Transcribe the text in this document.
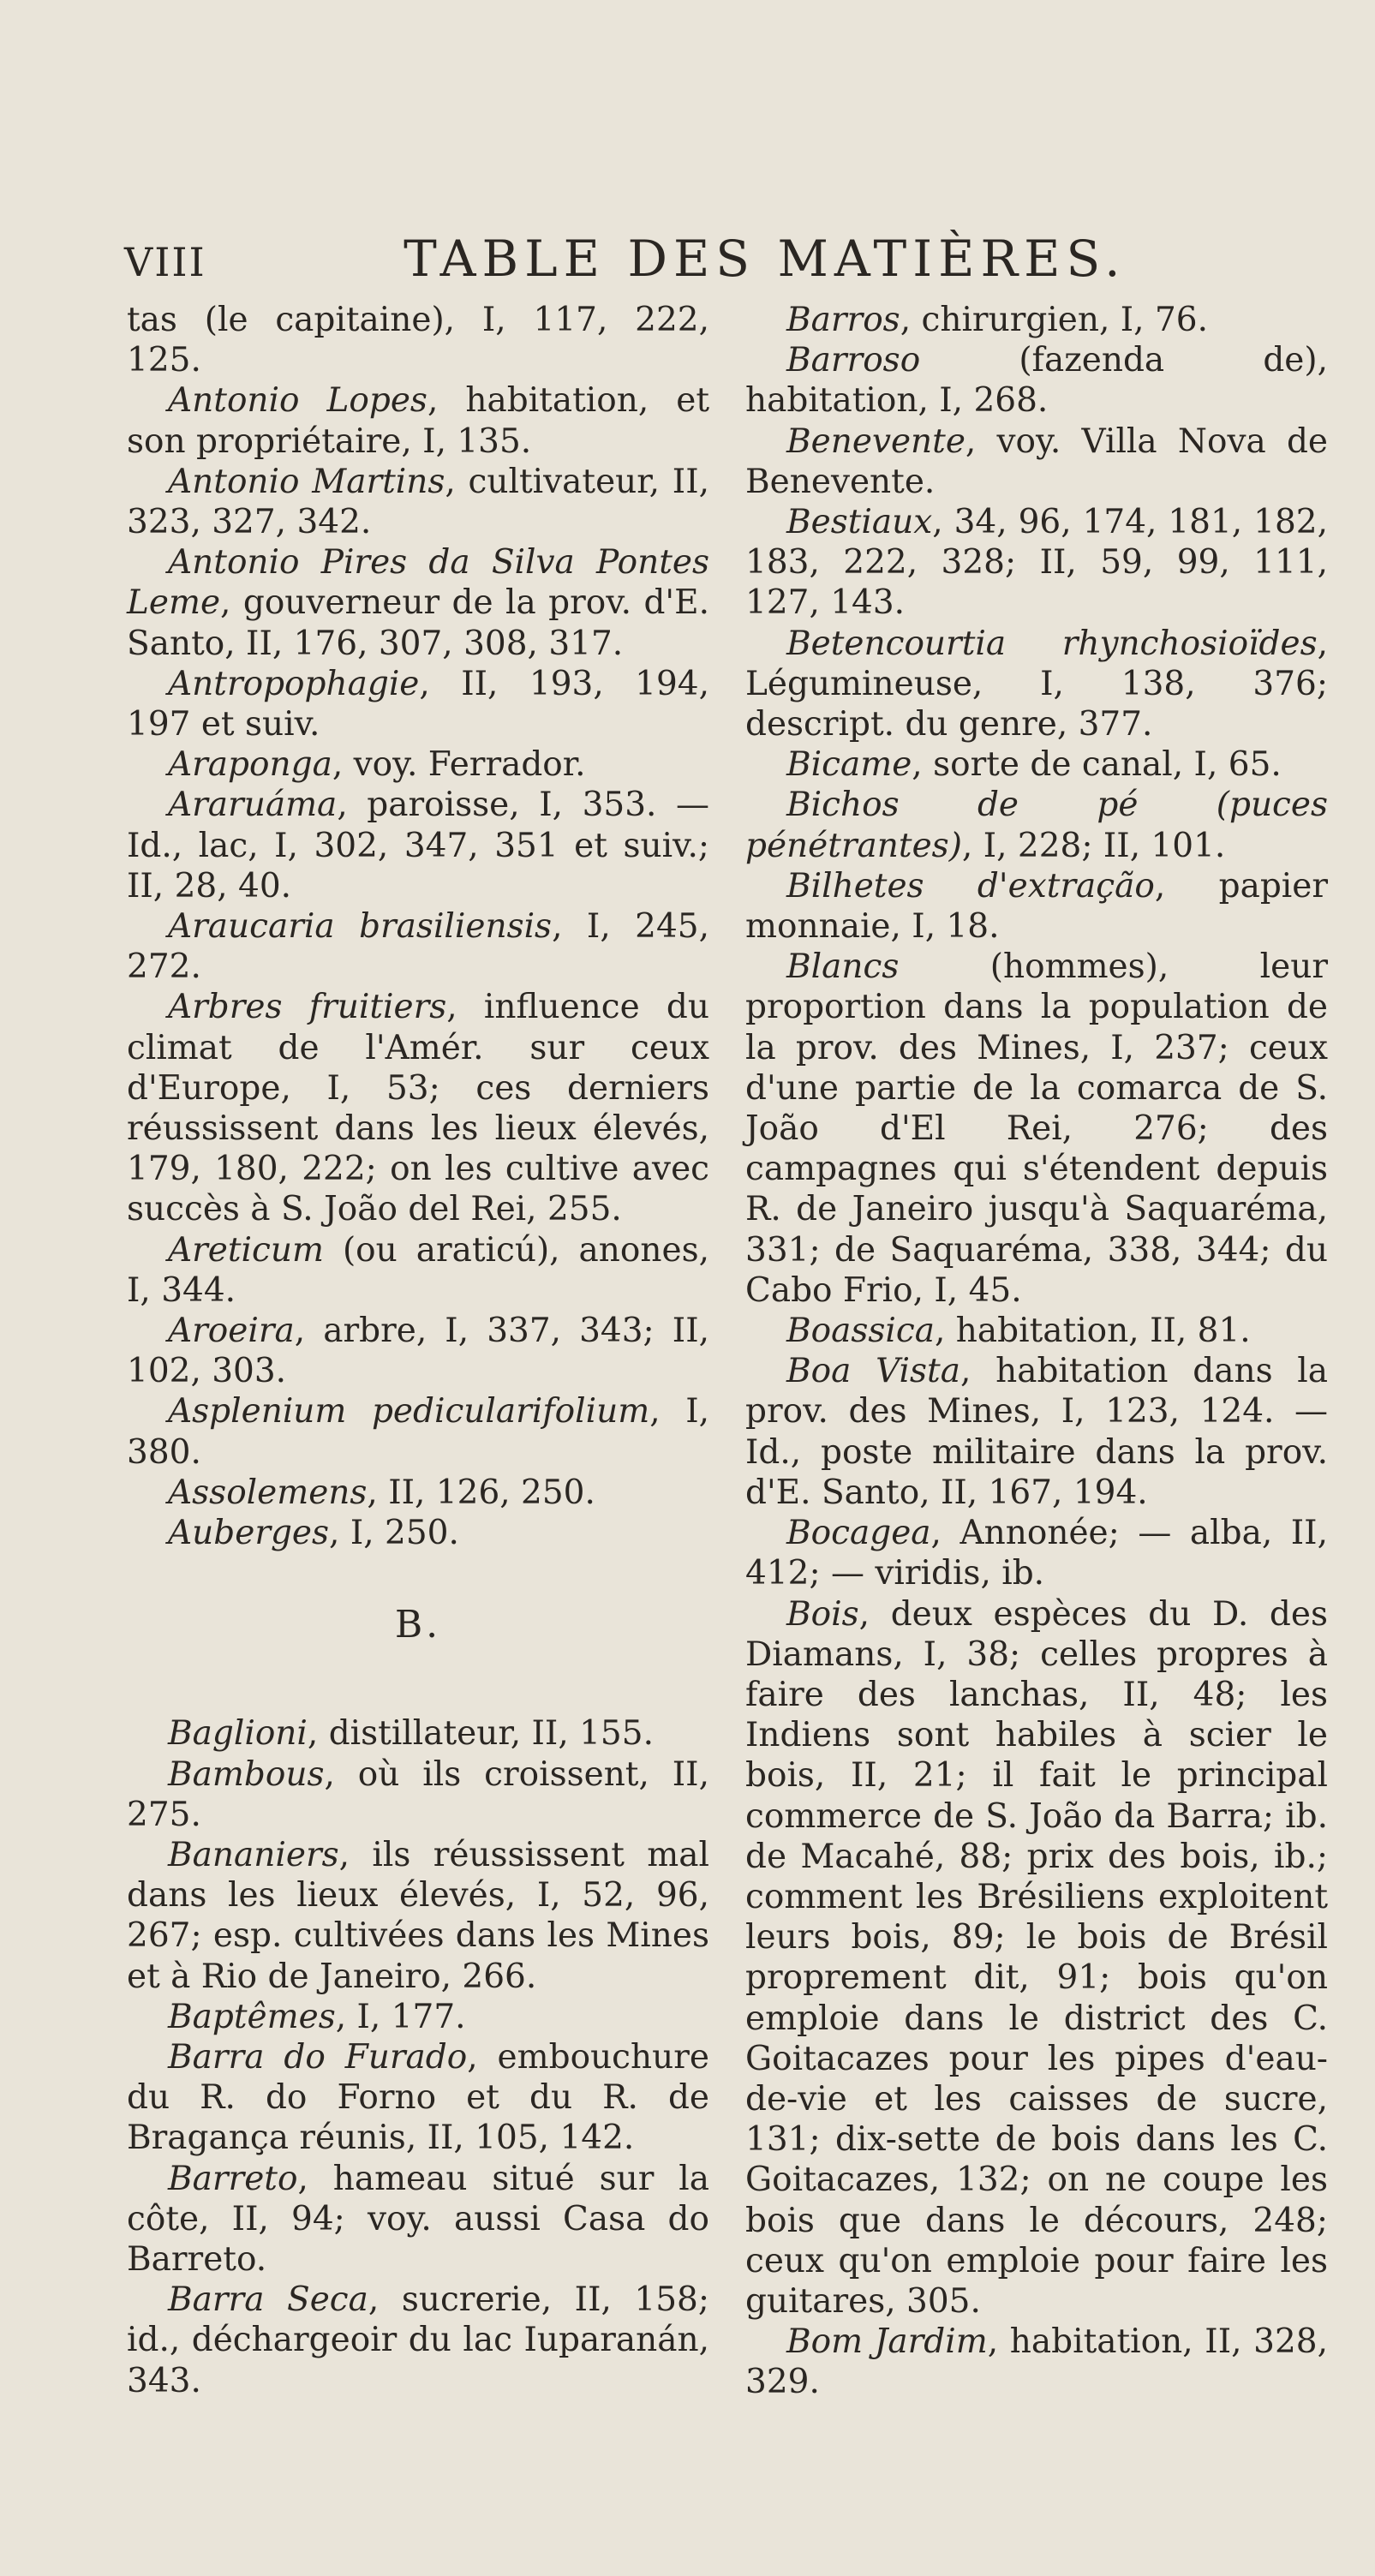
VIII	TABLE DES MATIÈRES.

tas (le capitaine), I, 117, 222, 125.

Antonio Lopes, habitation, et son propriétaire, I, 135.

Antonio Martins, cultivateur, II, 323, 327, 342.

Antonio Pires da Silva Pontes Leme, gouverneur de la prov. d'E. Santo, II, 176, 307, 308, 317.

Antropophagie, II, 193, 194, 197 et suiv.

Araponga, voy. Ferrador.

Araruáma, paroisse, I, 353. — Id., lac, I, 302, 347, 351 et suiv.; II, 28, 40.

Araucaria brasiliensis, I, 245, 272.

Arbres fruitiers, influence du climat de l'Amér. sur ceux d'Europe, I, 53; ces derniers réussissent dans les lieux élevés, 179, 180, 222; on les cultive avec succès à S. João del Rei, 255.

Areticum (ou araticú), anones, I, 344.

Aroeira, arbre, I, 337, 343; II, 102, 303.

Asplenium pedicularifolium, I, 380.

Assolemens, II, 126, 250.

Auberges, I, 250.

B.

Baglioni, distillateur, II, 155.

Bambous, où ils croissent, II, 275.

Bananiers, ils réussissent mal dans les lieux élevés, I, 52, 96, 267; esp. cultivées dans les Mines et à Rio de Janeiro, 266.

Baptêmes, I, 177.

Barra do Furado, embouchure du R. do Forno et du R. de Bragança réunis, II, 105, 142.

Barreto, hameau situé sur la côte, II, 94; voy. aussi Casa do Barreto.

Barra Seca, sucrerie, II, 158; id., déchargeoir du lac Iuparanán, 343.

Barros, chirurgien, I, 76.

Barroso (fazenda de), habitation, I, 268.

Benevente, voy. Villa Nova de Benevente.

Bestiaux, 34, 96, 174, 181, 182, 183, 222, 328; II, 59, 99, 111, 127, 143.

Betencourtia rhynchosioïdes, Légumineuse, I, 138, 376; descript. du genre, 377.

Bicame, sorte de canal, I, 65.

Bichos de pé (puces pénétrantes), I, 228; II, 101.

Bilhetes d'extração, papier monnaie, I, 18.

Blancs (hommes), leur proportion dans la population de la prov. des Mines, I, 237; ceux d'une partie de la comarca de S. João d'El Rei, 276; des campagnes qui s'étendent depuis R. de Janeiro jusqu'à Saquaréma, 331; de Saquaréma, 338, 344; du Cabo Frio, I, 45.

Boassica, habitation, II, 81.

Boa Vista, habitation dans la prov. des Mines, I, 123, 124. — Id., poste militaire dans la prov. d'E. Santo, II, 167, 194.

Bocagea, Annonée; — alba, II, 412; — viridis, ib.

Bois, deux espèces du D. des Diamans, I, 38; celles propres à faire des lanchas, II, 48; les Indiens sont habiles à scier le bois, II, 21; il fait le principal commerce de S. João da Barra; ib. de Macahé, 88; prix des bois, ib.; comment les Brésiliens exploitent leurs bois, 89; le bois de Brésil proprement dit, 91; bois qu'on emploie dans le district des C. Goitacazes pour les pipes d'eau-de-vie et les caisses de sucre, 131; dix-sette de bois dans les C. Goitacazes, 132; on ne coupe les bois que dans le décours, 248; ceux qu'on emploie pour faire les guitares, 305.

Bom Jardim, habitation, II, 328, 329.
